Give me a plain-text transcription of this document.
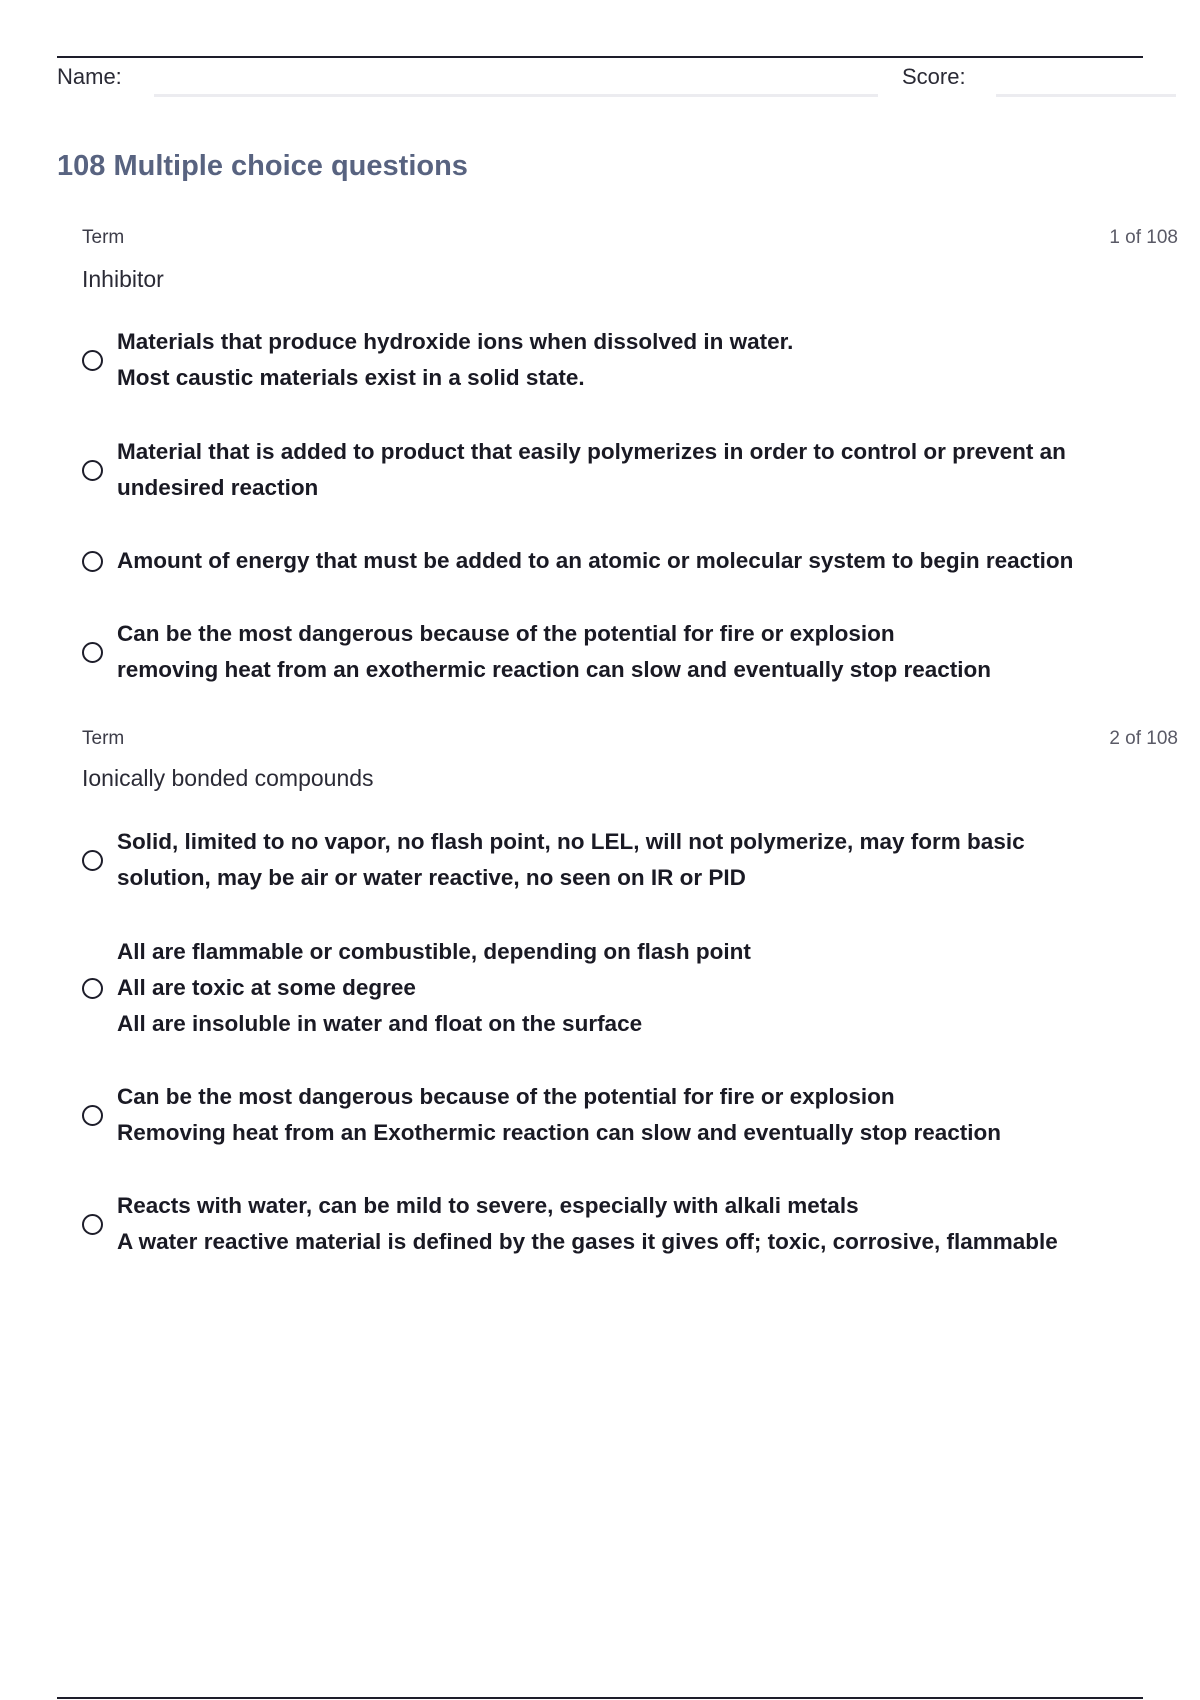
Name:	Score:
108 Multiple choice questions
Term	1 of 108
Inhibitor
Materials that produce hydroxide ions when dissolved in water.
Most caustic materials exist in a solid state.
Material that is added to product that easily polymerizes in order to control or prevent an
undesired reaction
Amount of energy that must be added to an atomic or molecular system to begin reaction
Can be the most dangerous because of the potential for fire or explosion
removing heat from an exothermic reaction can slow and eventually stop reaction
Term	2 of 108
Ionically bonded compounds
Solid, limited to no vapor, no flash point, no LEL, will not polymerize, may form basic
solution, may be air or water reactive, no seen on IR or PID
All are flammable or combustible, depending on flash point
All are toxic at some degree
All are insoluble in water and float on the surface
Can be the most dangerous because of the potential for fire or explosion
Removing heat from an Exothermic reaction can slow and eventually stop reaction
Reacts with water, can be mild to severe, especially with alkali metals
A water reactive material is defined by the gases it gives off; toxic, corrosive, flammable
